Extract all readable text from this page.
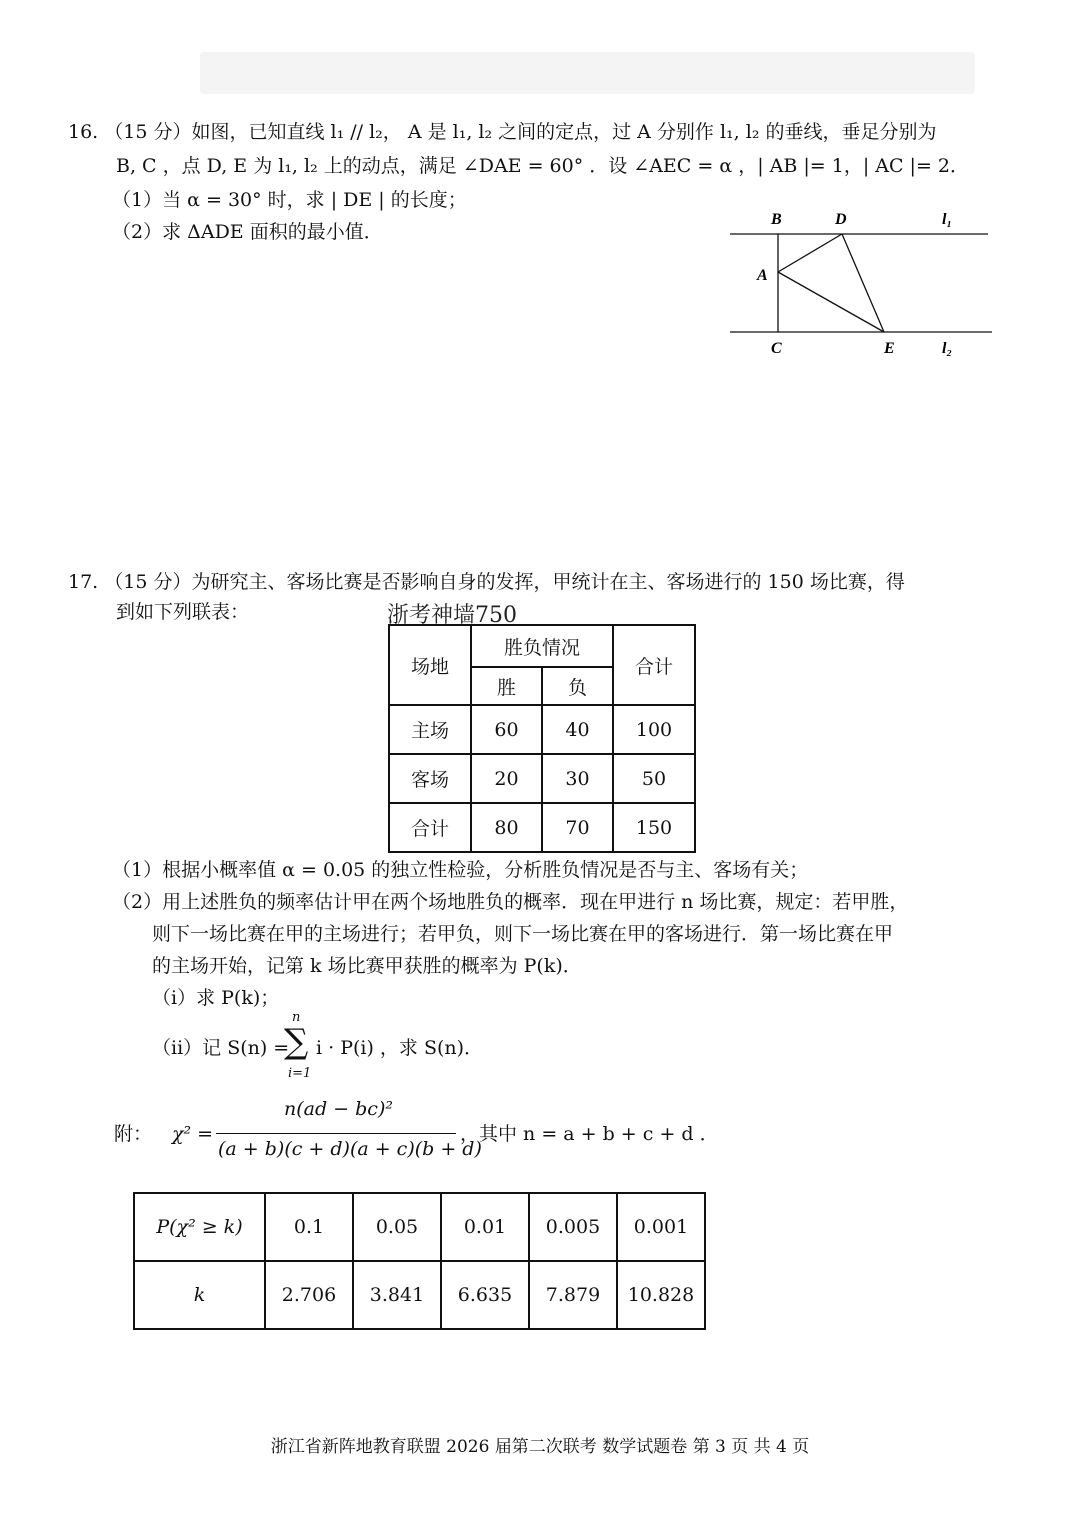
16. （15 分）如图，已知直线 l₁ // l₂， A 是 l₁, l₂ 之间的定点，过 A 分别作 l₁, l₂ 的垂线，垂足分别为
B, C ，点 D, E 为 l₁, l₂ 上的动点，满足 ∠DAE = 60° ．设 ∠AEC = α ，| AB |= 1，| AC |= 2．
（1）当 α = 30° 时，求 | DE | 的长度；
（2）求 ΔADE 面积的最小值．
B	D	l₁
A
C	E	l₂
17. （15 分）为研究主、客场比赛是否影响自身的发挥，甲统计在主、客场进行的 150 场比赛，得
到如下列联表：	浙考神墙750
场地	胜负情况		合计
	胜	负	
主场	60	40	100
客场	20	30	50
合计	80	70	150
（1）根据小概率值 α = 0.05 的独立性检验，分析胜负情况是否与主、客场有关；
（2）用上述胜负的频率估计甲在两个场地胜负的概率．现在甲进行 n 场比赛，规定：若甲胜，
则下一场比赛在甲的主场进行；若甲负，则下一场比赛在甲的客场进行．第一场比赛在甲
的主场开始，记第 k 场比赛甲获胜的概率为 P(k)．
（i）求 P(k)；
（ii）记 S(n) =
n
∑
i=1
i · P(i) ，求 S(n)．
附： χ² =
n(ad − bc)²
(a + b)(c + d)(a + c)(b + d)
，其中 n = a + b + c + d ．
P(χ² ≥ k)	0.1	0.05	0.01	0.005	0.001
k	2.706	3.841	6.635	7.879	10.828
浙江省新阵地教育联盟 2026 届第二次联考 数学试题卷 第 3 页 共 4 页
